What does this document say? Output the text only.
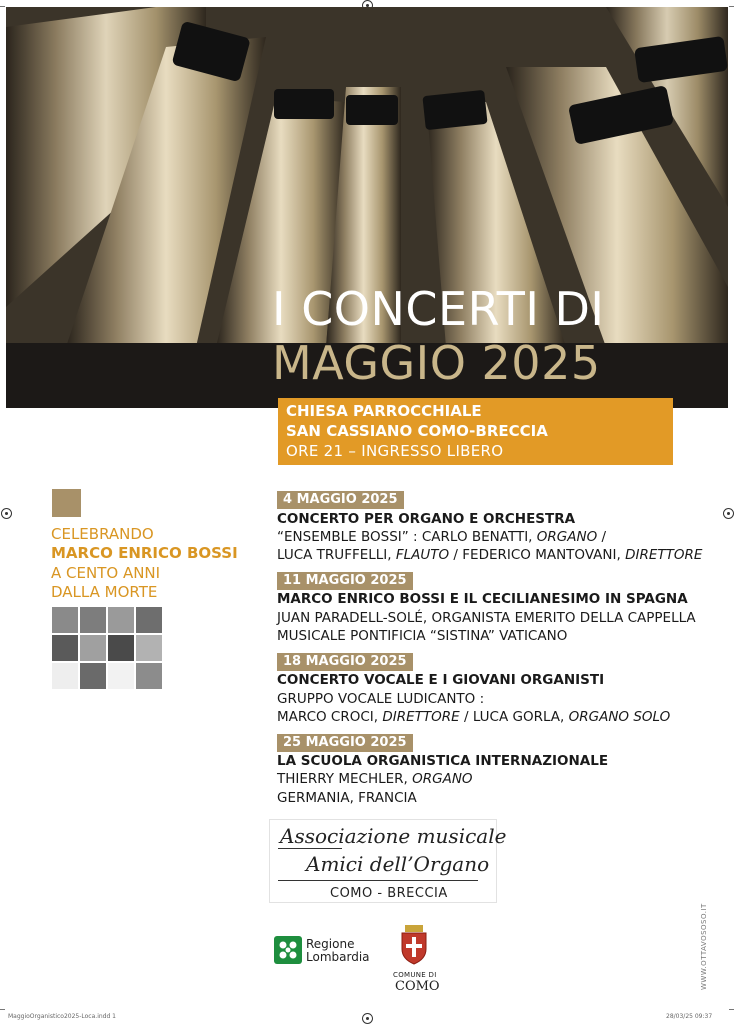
I CONCERTI DI
MAGGIO 2025
CHIESA PARROCCHIALE
SAN CASSIANO COMO-BRECCIA
ORE 21 – INGRESSO LIBERO
CELEBRANDO
MARCO ENRICO BOSSI
A CENTO ANNI
DALLA MORTE
4 MAGGIO 2025
CONCERTO PER ORGANO E ORCHESTRA
“ENSEMBLE BOSSI” : CARLO BENATTI, ORGANO /
LUCA TRUFFELLI, FLAUTO / FEDERICO MANTOVANI, DIRETTORE
11 MAGGIO 2025
MARCO ENRICO BOSSI E IL CECILIANESIMO IN SPAGNA
JUAN PARADELL-SOLÉ, ORGANISTA EMERITO DELLA CAPPELLA
MUSICALE PONTIFICIA “SISTINA” VATICANO
18 MAGGIO 2025
CONCERTO VOCALE E I GIOVANI ORGANISTI
GRUPPO VOCALE LUDICANTO :
MARCO CROCI, DIRETTORE / LUCA GORLA, ORGANO SOLO
25 MAGGIO 2025
LA SCUOLA ORGANISTICA INTERNAZIONALE
THIERRY MECHLER, ORGANO
GERMANIA, FRANCIA
Associazione musicale
Amici dell’Organo
COMO - BRECCIA
Regione
Lombardia
COMUNE DI
COMO	WWW.OTTAVOSOSO.IT
MaggioOrganistico2025-Loca.indd 1	28/03/25 09:37
